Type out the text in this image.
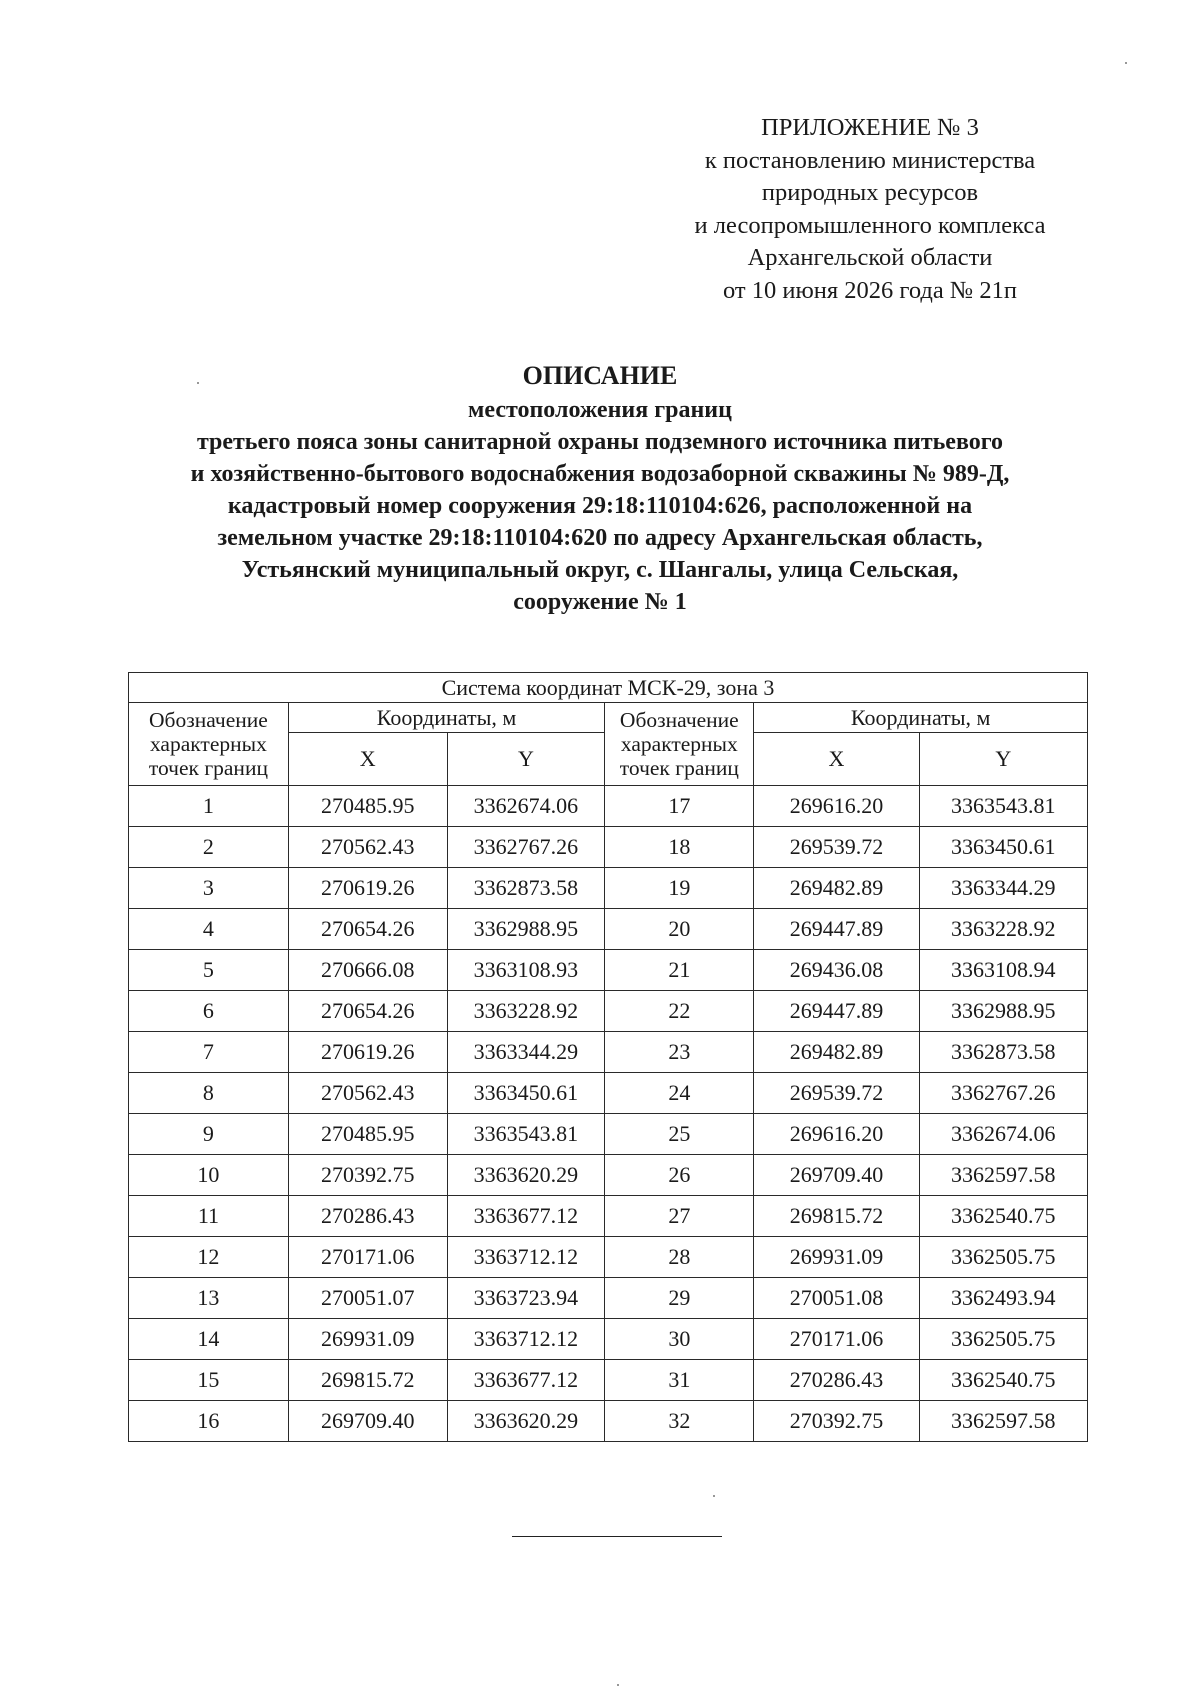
ПРИЛОЖЕНИЕ № 3
к постановлению министерства
природных ресурсов
и лесопромышленного комплекса
Архангельской области
от 10 июня 2026 года № 21п
ОПИСАНИЕ
местоположения границ
третьего пояса зоны санитарной охраны подземного источника питьевого
и хозяйственно-бытового водоснабжения водозаборной скважины № 989-Д,
кадастровый номер сооружения 29:18:110104:626, расположенной на
земельном участке 29:18:110104:620 по адресу Архангельская область,
Устьянский муниципальный округ, с. Шангалы, улица Сельская,
сооружение № 1
Система координат МСК-29, зона 3					
Обозначение характерных точек границ	Координаты, м		Обозначение характерных точек границ	Координаты, м	
	X	Y		X	Y
1	270485.95	3362674.06	17	269616.20	3363543.81
2	270562.43	3362767.26	18	269539.72	3363450.61
3	270619.26	3362873.58	19	269482.89	3363344.29
4	270654.26	3362988.95	20	269447.89	3363228.92
5	270666.08	3363108.93	21	269436.08	3363108.94
6	270654.26	3363228.92	22	269447.89	3362988.95
7	270619.26	3363344.29	23	269482.89	3362873.58
8	270562.43	3363450.61	24	269539.72	3362767.26
9	270485.95	3363543.81	25	269616.20	3362674.06
10	270392.75	3363620.29	26	269709.40	3362597.58
11	270286.43	3363677.12	27	269815.72	3362540.75
12	270171.06	3363712.12	28	269931.09	3362505.75
13	270051.07	3363723.94	29	270051.08	3362493.94
14	269931.09	3363712.12	30	270171.06	3362505.75
15	269815.72	3363677.12	31	270286.43	3362540.75
16	269709.40	3363620.29	32	270392.75	3362597.58
